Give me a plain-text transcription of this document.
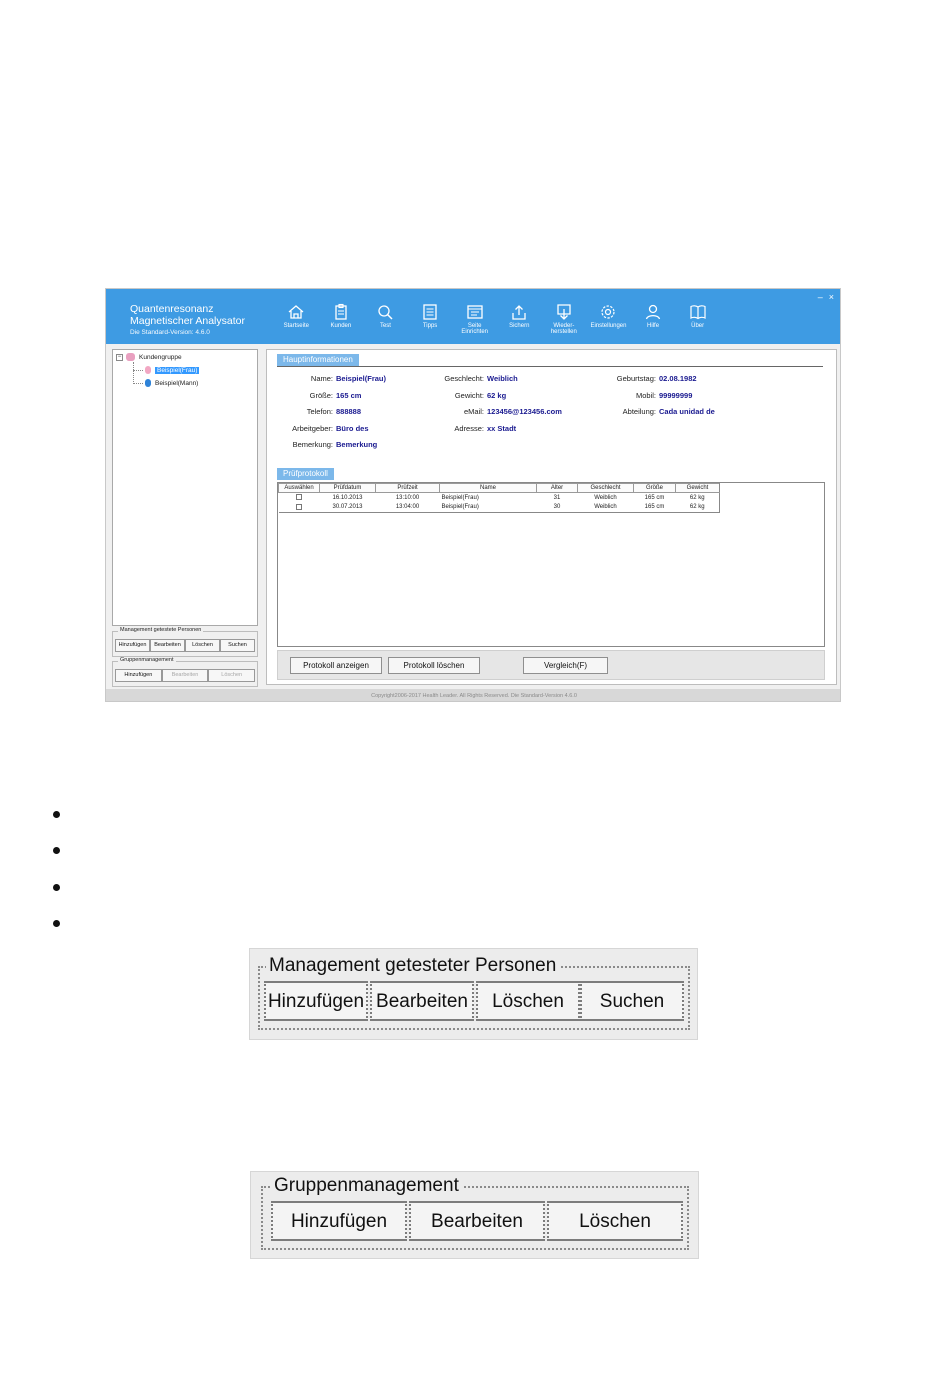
Quantenresonanz
Magnetischer Analysator
Die Standard-Version: 4.6.0
Startseite	Kunden	Test	Tipps	Seite
Einrichten
Sichern	Wieder-
herstellen
Einstellungen	Hilfe	Über
– ×
−	Kundengruppe
Beispiel(Frau)
Beispiel(Mann)
Management getestete Personen
Hinzufügen	Bearbeiten	Löschen	Suchen
Gruppenmanagement
Hinzufügen	Bearbeiten	Löschen
Hauptinformationen
Name: Beispiel(Frau)
Größe: 165 cm
Telefon: 888888
Arbeitgeber: Büro des
Bemerkung: Bemerkung
Geschlecht: Weiblich
Gewicht: 62 kg
eMail: 123456@123456.com
Adresse: xx Stadt
Geburtstag: 02.08.1982
Mobil: 99999999
Abteilung: Cada unidad de
Prüfprotokoll
Auswählen	Prüfdatum	Prüfzeit	Name	Alter	Geschlecht	Größe	Gewicht
	16.10.2013	13:10:00	Beispiel(Frau)	31	Weiblich	165 cm	62 kg
	30.07.2013	13:04:00	Beispiel(Frau)	30	Weiblich	165 cm	62 kg
Protokoll anzeigen	Protokoll löschen	Vergleich(F)
Copyright2006-2017 Health Leader. All Rights Reserved. Die Standard-Version 4.6.0
Management getesteter Personen
Hinzufügen Bearbeiten	Löschen	Suchen
Gruppenmanagement
Hinzufügen	Bearbeiten	Löschen
